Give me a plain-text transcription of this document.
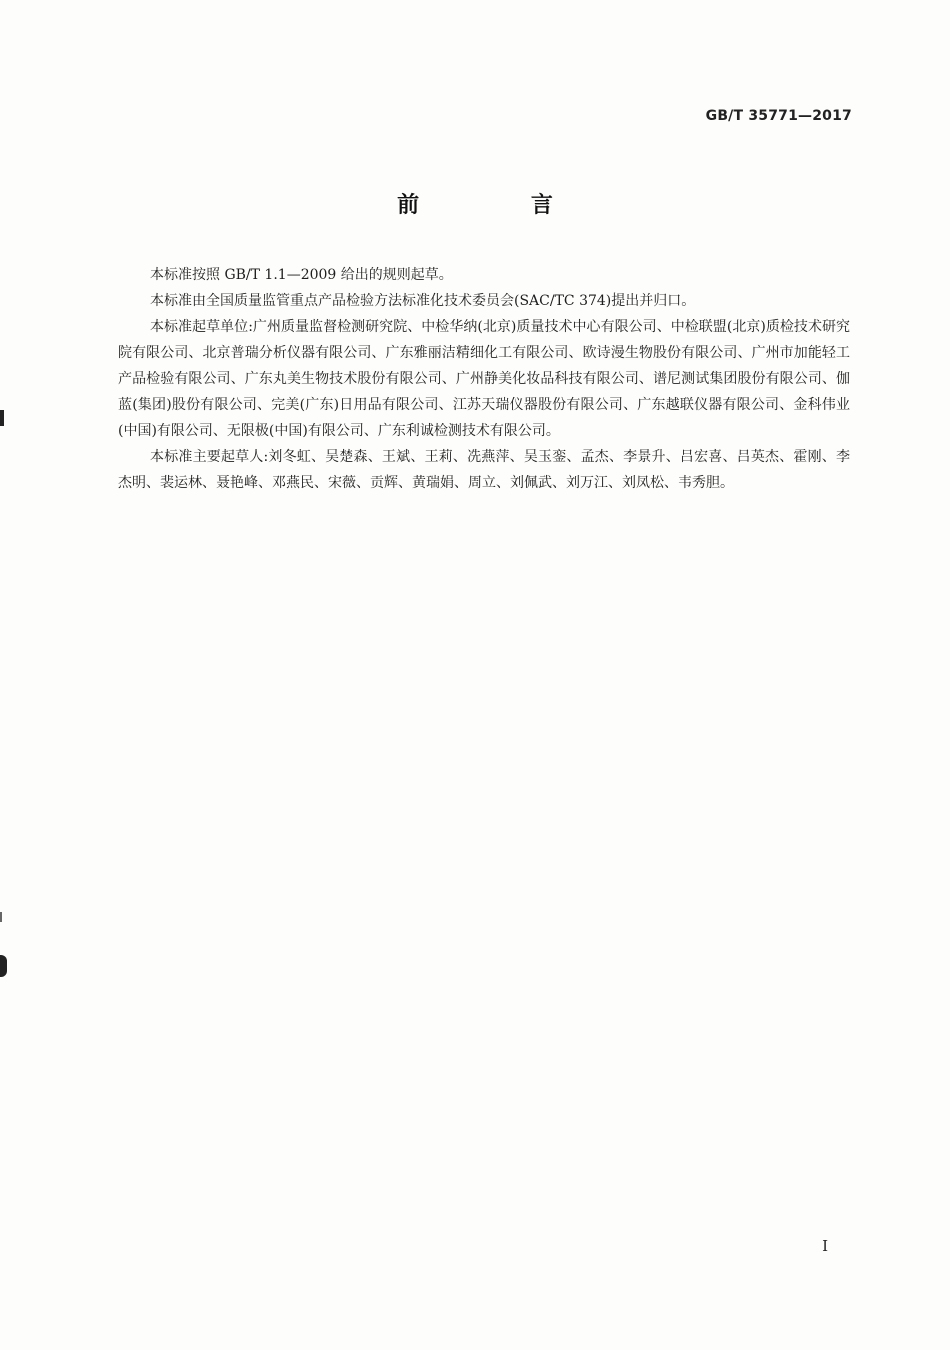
GB/T 35771—2017
前 言

本标准按照 GB/T 1.1—2009 给出的规则起草。

本标准由全国质量监管重点产品检验方法标准化技术委员会(SAC/TC 374)提出并归口。

本标准起草单位:广州质量监督检测研究院、中检华纳(北京)质量技术中心有限公司、中检联盟(北京)质检技术研究院有限公司、北京普瑞分析仪器有限公司、广东雅丽洁精细化工有限公司、欧诗漫生物股份有限公司、广州市加能轻工产品检验有限公司、广东丸美生物技术股份有限公司、广州静美化妆品科技有限公司、谱尼测试集团股份有限公司、伽蓝(集团)股份有限公司、完美(广东)日用品有限公司、江苏天瑞仪器股份有限公司、广东越联仪器有限公司、金科伟业(中国)有限公司、无限极(中国)有限公司、广东利诚检测技术有限公司。

本标准主要起草人:刘冬虹、吴楚森、王斌、王莉、冼燕萍、吴玉銮、孟杰、李景升、吕宏喜、吕英杰、霍刚、李杰明、裴运林、聂艳峰、邓燕民、宋薇、贡辉、黄瑞娟、周立、刘佩武、刘万江、刘凤松、韦秀胆。

I
